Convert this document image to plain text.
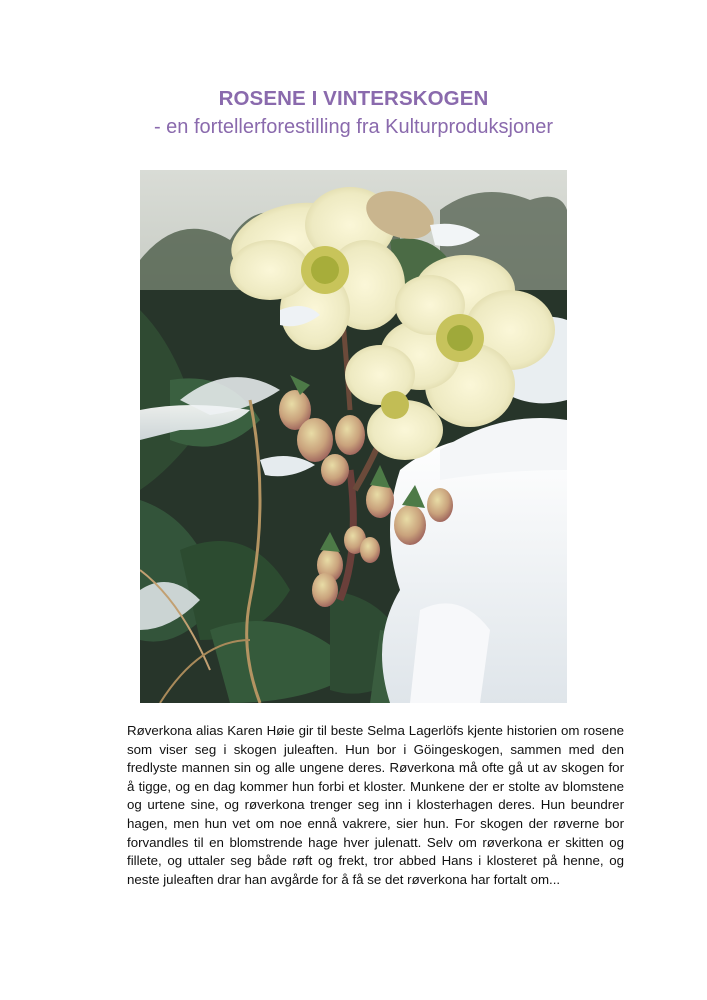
ROSENE I VINTERSKOGEN
- en fortellerforestilling fra Kulturproduksjoner
Røverkona alias Karen Høie gir til beste Selma Lagerlöfs kjente historien om rosene som viser seg i skogen juleaften. Hun bor i Göingeskogen, sammen med den fredlyste mannen sin og alle ungene deres. Røverkona må ofte gå ut av skogen for å tigge, og en dag kommer hun forbi et kloster. Munkene der er stolte av blomstene og urtene sine, og røverkona trenger seg inn i klosterhagen deres. Hun beundrer hagen, men hun vet om noe ennå vakrere, sier hun. For skogen der røverne bor forvandles til en blomstrende hage hver julenatt. Selv om røverkona er skitten og fillete, og uttaler seg både røft og frekt, tror abbed Hans i klosteret på henne, og neste juleaften drar han avgårde for å få se det røverkona har fortalt om...
